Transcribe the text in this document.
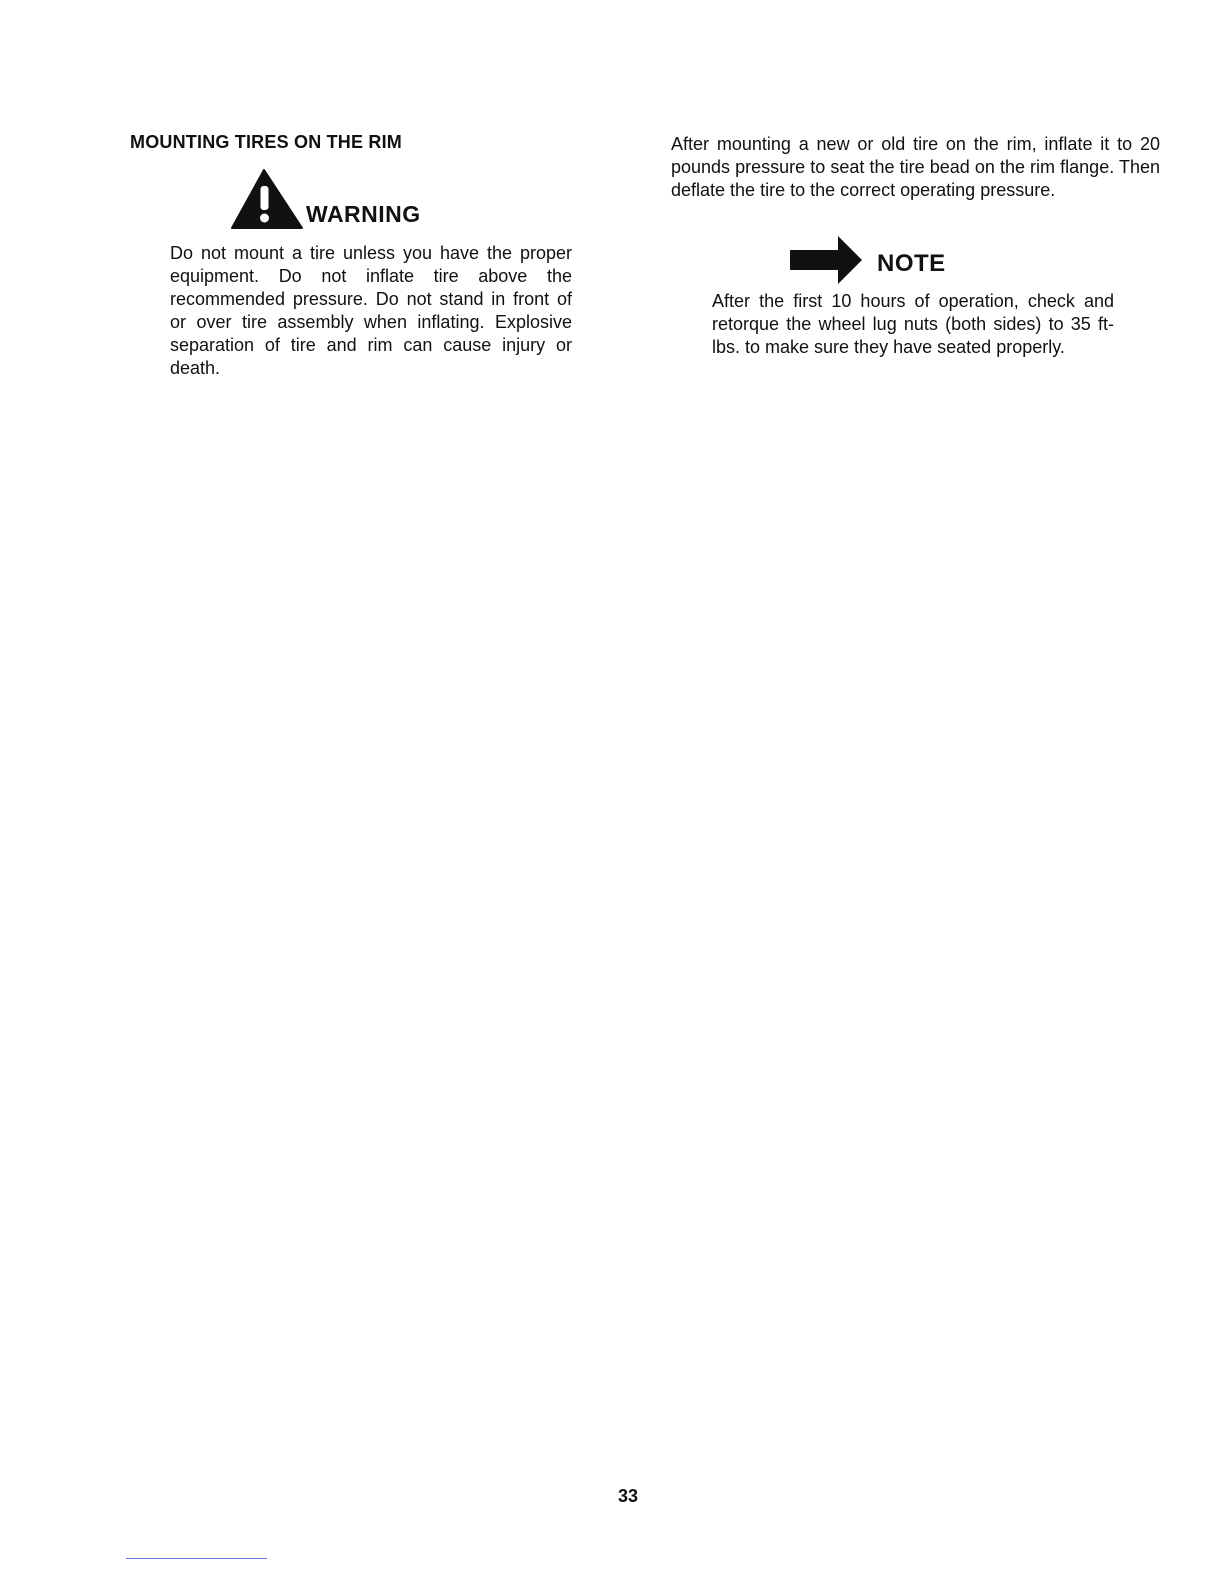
MOUNTING TIRES ON THE RIM
WARNING

Do not mount a tire unless you have the proper equipment. Do not inflate tire above the recommended pressure. Do not stand in front of or over tire assembly when inflating. Explosive separation of tire and rim can cause injury or death.

After mounting a new or old tire on the rim, inflate it to 20 pounds pressure to seat the tire bead on the rim flange. Then deflate the tire to the correct operating pressure.

NOTE

After the first 10 hours of operation, check and retorque the wheel lug nuts (both sides) to 35 ft-lbs. to make sure they have seated properly.

33
